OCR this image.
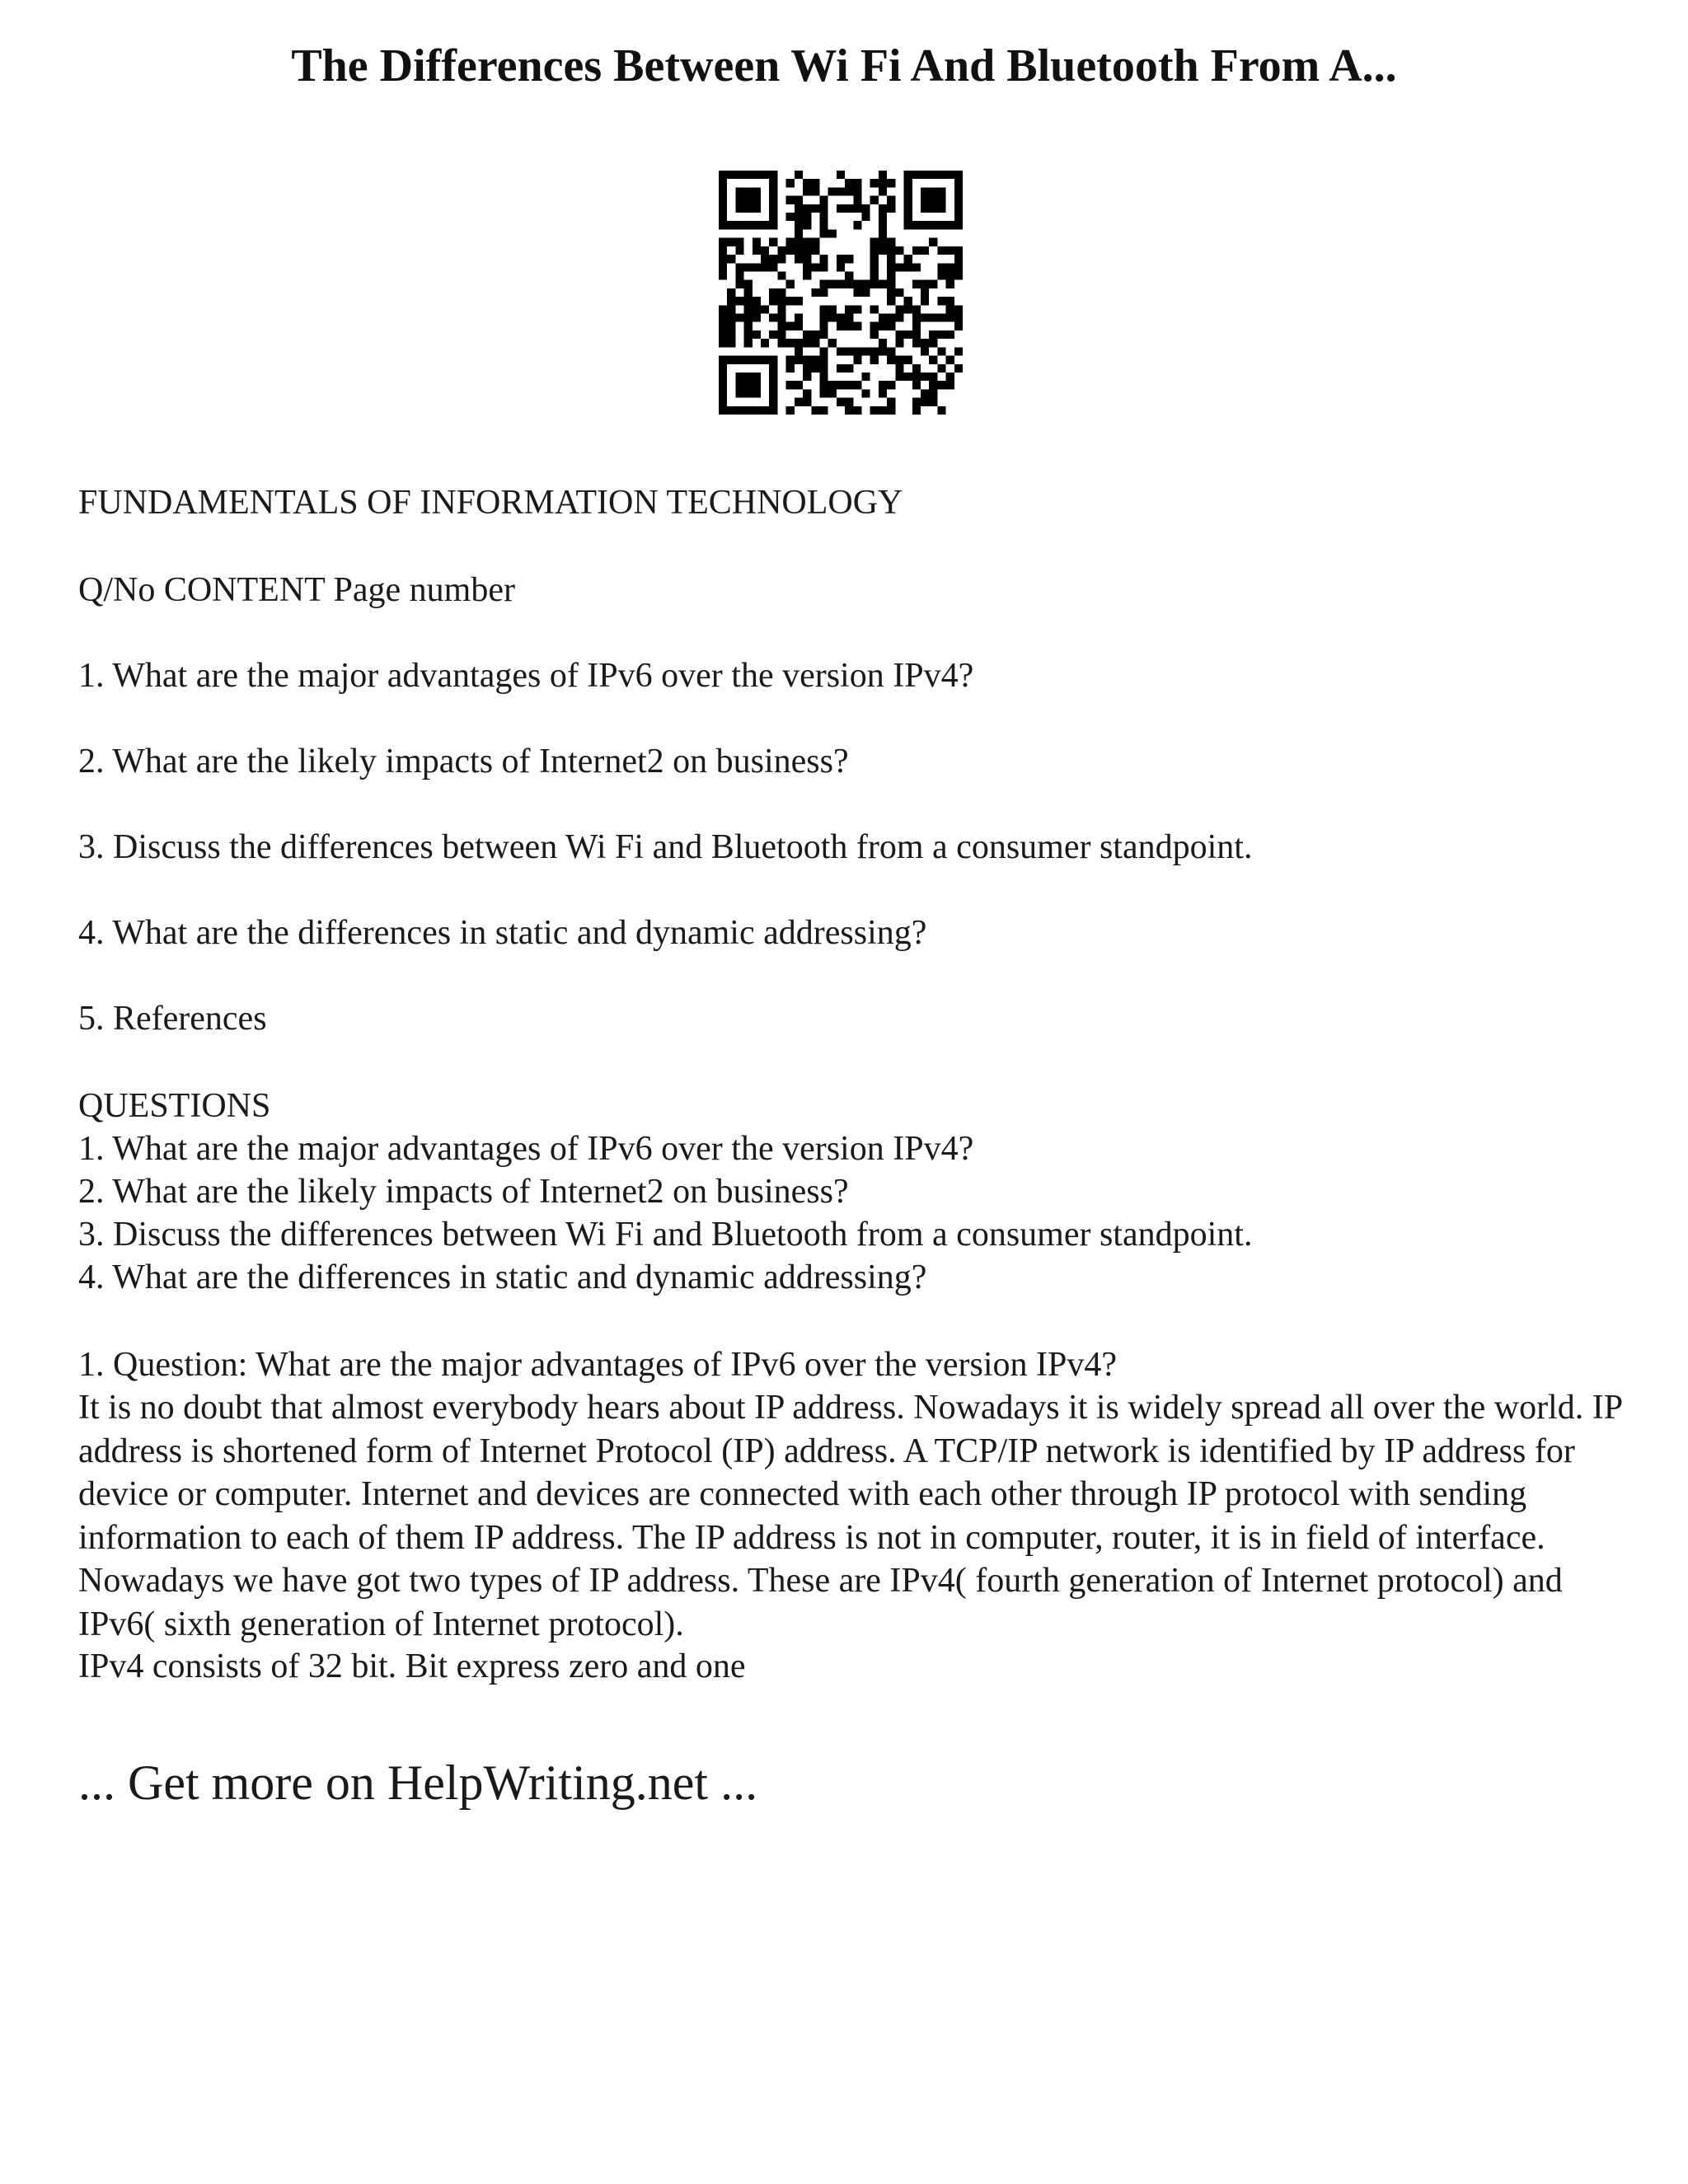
The Differences Between Wi Fi And Bluetooth From A...

FUNDAMENTALS OF INFORMATION TECHNOLOGY

Q/No CONTENT Page number

1. What are the major advantages of IPv6 over the version IPv4?

2. What are the likely impacts of Internet2 on business?

3. Discuss the differences between Wi Fi and Bluetooth from a consumer standpoint.

4. What are the differences in static and dynamic addressing?

5. References

QUESTIONS

1. What are the major advantages of IPv6 over the version IPv4?

2. What are the likely impacts of Internet2 on business?

3. Discuss the differences between Wi Fi and Bluetooth from a consumer standpoint.

4. What are the differences in static and dynamic addressing?

1. Question: What are the major advantages of IPv6 over the version IPv4?

It is no doubt that almost everybody hears about IP address. Nowadays it is widely spread all over the world. IP address is shortened form of Internet Protocol (IP) address. A TCP/IP network is identified by IP address for device or computer. Internet and devices are connected with each other through IP protocol with sending information to each of them IP address. The IP address is not in computer, router, it is in field of interface. Nowadays we have got two types of IP address. These are IPv4( fourth generation of Internet protocol) and IPv6( sixth generation of Internet protocol).

IPv4 consists of 32 bit. Bit express zero and one

... Get more on HelpWriting.net ...
